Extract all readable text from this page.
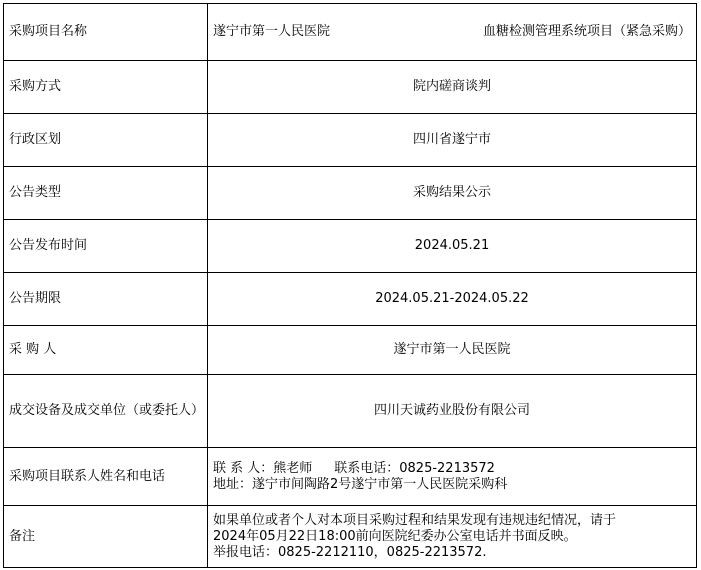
采购项目名称	遂宁市第一人民医院 血糖检测管理系统项目（紧急采购）

采购方式	院内磋商谈判
行政区划	四川省遂宁市
公告类型	采购结果公示
公告发布时间	2024.05.21
公告期限	2024.05.21-2024.05.22
采 购 人	遂宁市第一人民医院
成交设备及成交单位（或委托人）	四川天诚药业股份有限公司
采购项目联系人姓名和电话	联 系 人：熊老师 联系电话：0825-2213572
地址：遂宁市间陶路2号遂宁市第一人民医院采购科

备注	如果单位或者个人对本项目采购过程和结果发现有违规违纪情况，请于
2024年05月22日18:00前向医院纪委办公室电话并书面反映。
举报电话：0825-2212110，0825-2213572.
